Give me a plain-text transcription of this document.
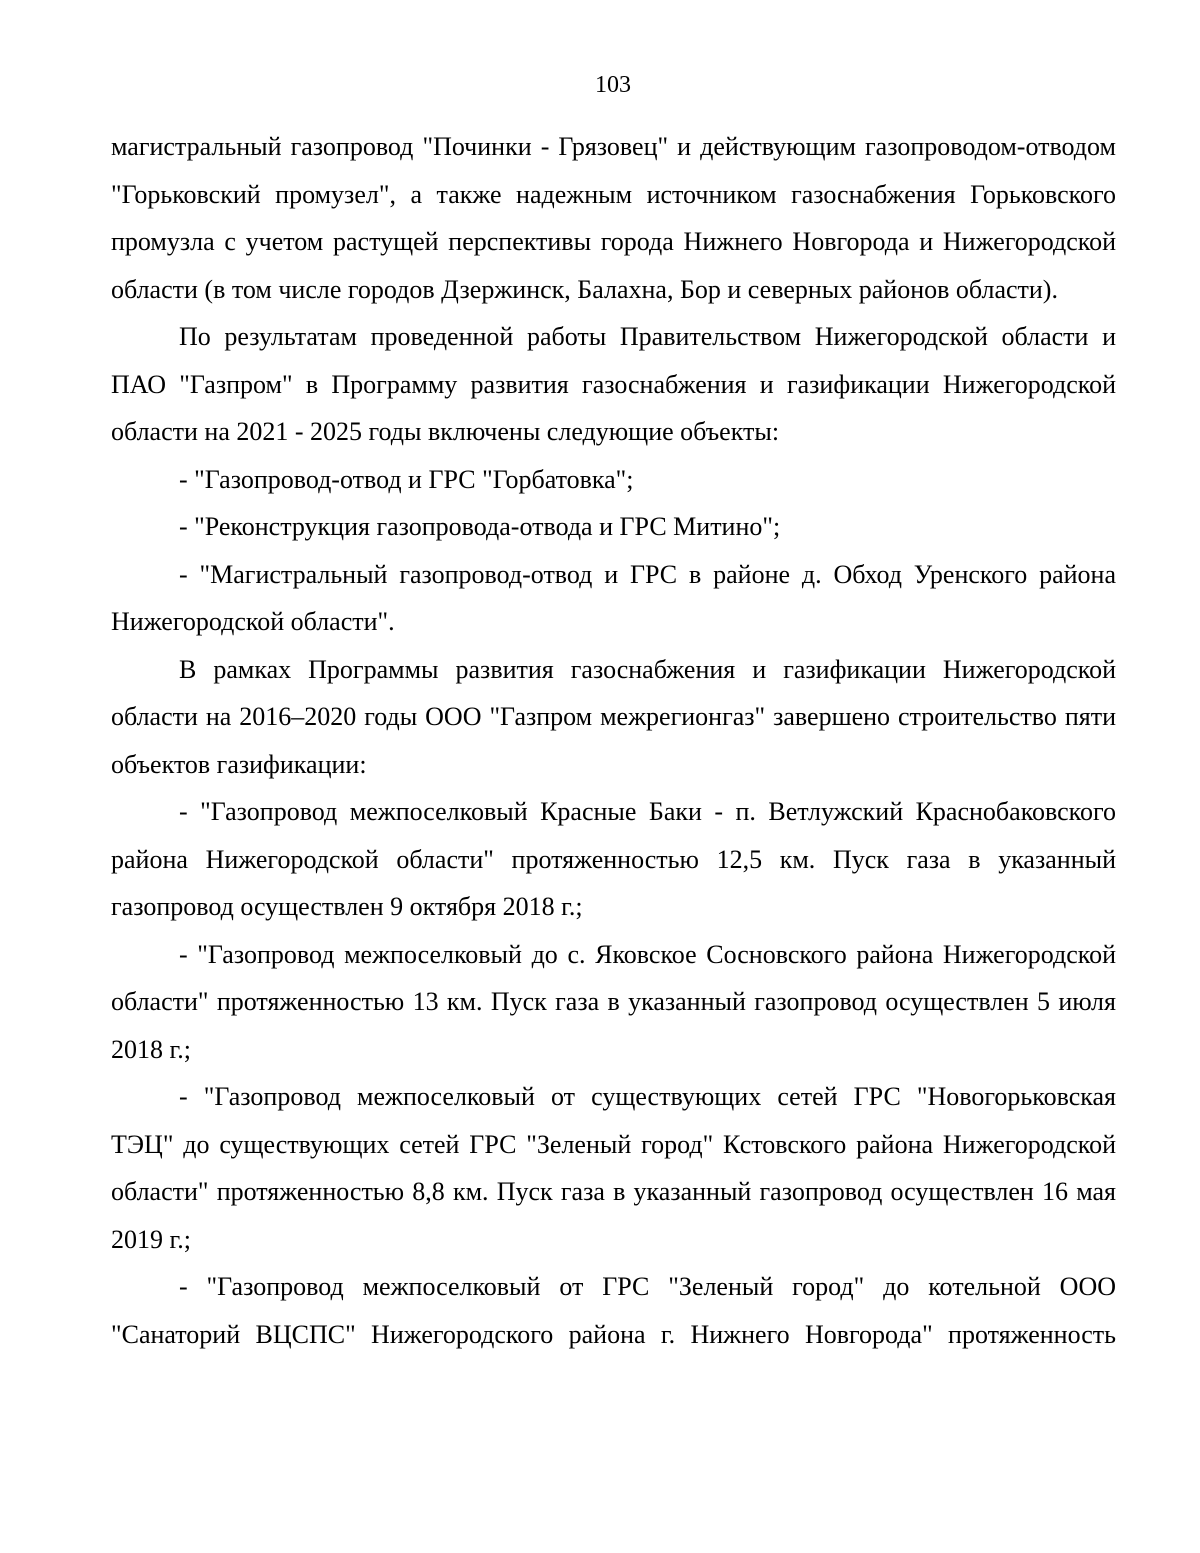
103

магистральный газопровод "Починки - Грязовец" и действующим газопроводом-отводом "Горьковский промузел", а также надежным источником газоснабжения Горьковского промузла с учетом растущей перспективы города Нижнего Новгорода и Нижегородской области (в том числе городов Дзержинск, Балахна, Бор и северных районов области).

По результатам проведенной работы Правительством Нижегородской области и ПАО "Газпром" в Программу развития газоснабжения и газификации Нижегородской области на 2021 - 2025 годы включены следующие объекты:

- "Газопровод-отвод и ГРС "Горбатовка";

- "Реконструкция газопровода-отвода и ГРС Митино";

- "Магистральный газопровод-отвод и ГРС в районе д. Обход Уренского района Нижегородской области".

В рамках Программы развития газоснабжения и газификации Нижегородской области на 2016–2020 годы ООО "Газпром межрегионгаз" завершено строительство пяти объектов газификации:

- "Газопровод межпоселковый Красные Баки - п. Ветлужский Краснобаковского района Нижегородской области" протяженностью 12,5 км. Пуск газа в указанный газопровод осуществлен 9 октября 2018 г.;

- "Газопровод межпоселковый до с. Яковское Сосновского района Нижегородской области" протяженностью 13 км. Пуск газа в указанный газопровод осуществлен 5 июля 2018 г.;

- "Газопровод межпоселковый от существующих сетей ГРС "Новогорьковская ТЭЦ" до существующих сетей ГРС "Зеленый город" Кстовского района Нижегородской области" протяженностью 8,8 км. Пуск газа в указанный газопровод осуществлен 16 мая 2019 г.;

- "Газопровод межпоселковый от ГРС "Зеленый город" до котельной ООО "Санаторий ВЦСПС" Нижегородского района г. Нижнего Новгорода" протяженность
